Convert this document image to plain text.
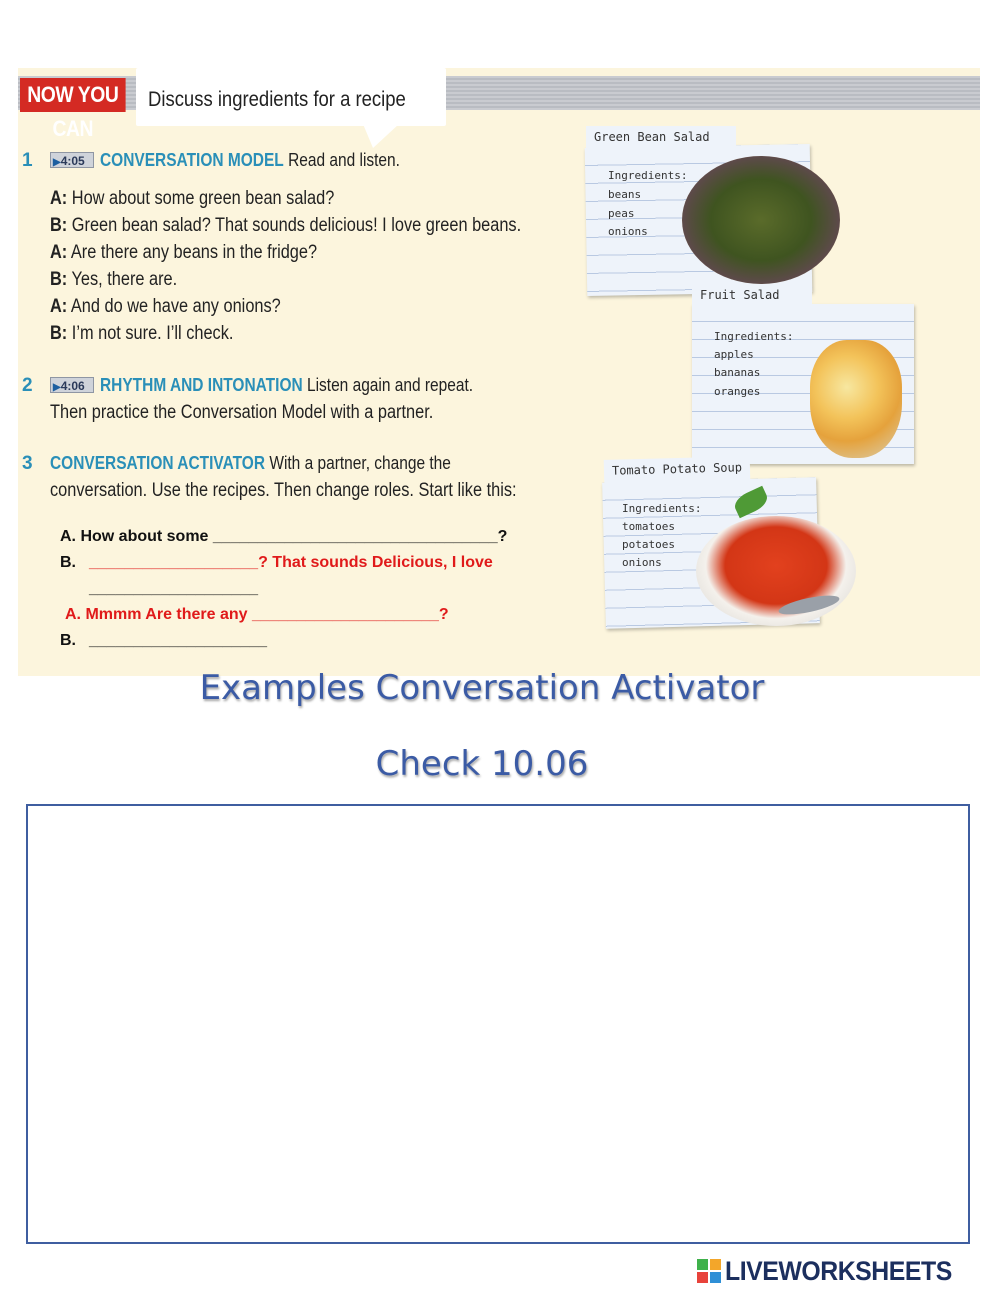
NOW YOU CAN
Discuss ingredients for a recipe
1	▶4:05 CONVERSATION MODEL Read and listen.
A: How about some green bean salad?
B: Green bean salad? That sounds delicious! I love green beans.
A: Are there any beans in the fridge?
B: Yes, there are.
A: And do we have any onions?
B: I’m not sure. I’ll check.
2	▶4:06 RHYTHM AND INTONATION Listen again and repeat.
Then practice the Conversation Model with a partner.
3 CONVERSATION ACTIVATOR With a partner, change the
conversation. Use the recipes. Then change roles. Start like this:
A. How about some ________________________________?
B. ___________________? That sounds Delicious, I love
___________________
A. Mmmm Are there any _____________________?
B. ____________________
Green Bean Salad
Ingredients:
beans
peas
onions
Fruit Salad
Ingredients:
apples
bananas
oranges
Tomato Potato Soup
Ingredients:
tomatoes
potatoes
onions
Examples Conversation Activator
Check 10.06
LIVEWORKSHEETS
